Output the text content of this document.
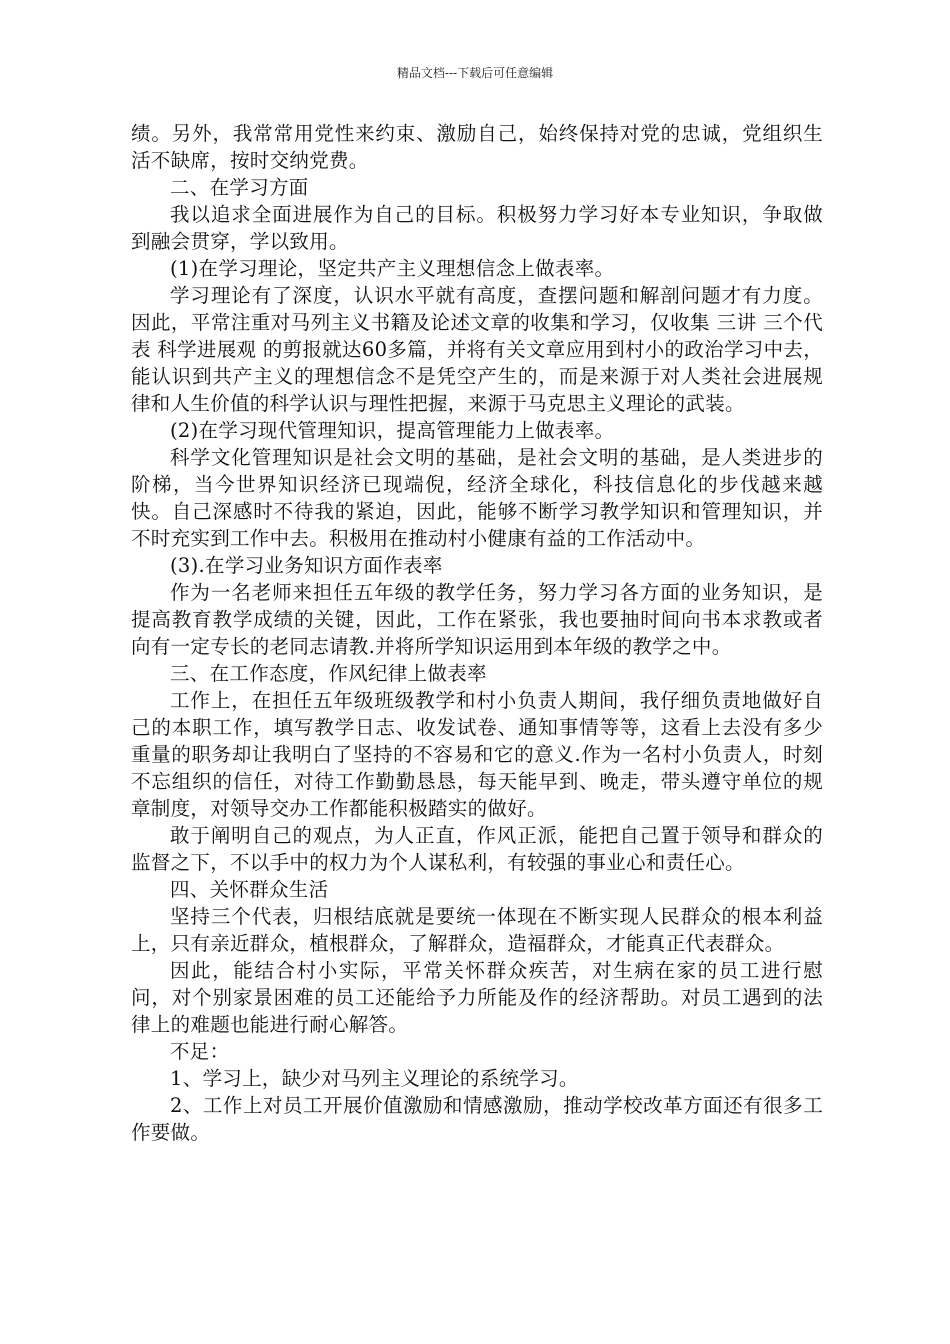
精品文档---下载后可任意编辑

绩。另外，我常常用党性来约束、激励自己，始终保持对党的忠诚，党组织生活不缺席，按时交纳党费。

二、在学习方面

我以追求全面进展作为自己的目标。积极努力学习好本专业知识，争取做到融会贯穿，学以致用。

(1)在学习理论，坚定共产主义理想信念上做表率。

学习理论有了深度，认识水平就有高度，查摆问题和解剖问题才有力度。因此，平常注重对马列主义书籍及论述文章的收集和学习，仅收集 三讲 三个代表 科学进展观 的剪报就达60多篇，并将有关文章应用到村小的政治学习中去，能认识到共产主义的理想信念不是凭空产生的，而是来源于对人类社会进展规律和人生价值的科学认识与理性把握，来源于马克思主义理论的武装。

(2)在学习现代管理知识，提高管理能力上做表率。

科学文化管理知识是社会文明的基础，是社会文明的基础，是人类进步的阶梯，当今世界知识经济已现端倪，经济全球化，科技信息化的步伐越来越快。自己深感时不待我的紧迫，因此，能够不断学习教学知识和管理知识，并不时充实到工作中去。积极用在推动村小健康有益的工作活动中。

(3).在学习业务知识方面作表率

作为一名老师来担任五年级的教学任务，努力学习各方面的业务知识，是提高教育教学成绩的关键，因此，工作在紧张，我也要抽时间向书本求教或者向有一定专长的老同志请教.并将所学知识运用到本年级的教学之中。

三、在工作态度，作风纪律上做表率

工作上，在担任五年级班级教学和村小负责人期间，我仔细负责地做好自己的本职工作，填写教学日志、收发试卷、通知事情等等，这看上去没有多少重量的职务却让我明白了坚持的不容易和它的意义.作为一名村小负责人，时刻不忘组织的信任，对待工作勤勤恳恳，每天能早到、晚走，带头遵守单位的规章制度，对领导交办工作都能积极踏实的做好。

敢于阐明自己的观点，为人正直，作风正派，能把自己置于领导和群众的监督之下，不以手中的权力为个人谋私利，有较强的事业心和责任心。

四、关怀群众生活

坚持三个代表，归根结底就是要统一体现在不断实现人民群众的根本利益上，只有亲近群众，植根群众，了解群众，造福群众，才能真正代表群众。

因此，能结合村小实际，平常关怀群众疾苦，对生病在家的员工进行慰问，对个别家景困难的员工还能给予力所能及作的经济帮助。对员工遇到的法律上的难题也能进行耐心解答。

不足：

1、学习上，缺少对马列主义理论的系统学习。

2、工作上对员工开展价值激励和情感激励，推动学校改革方面还有很多工作要做。
